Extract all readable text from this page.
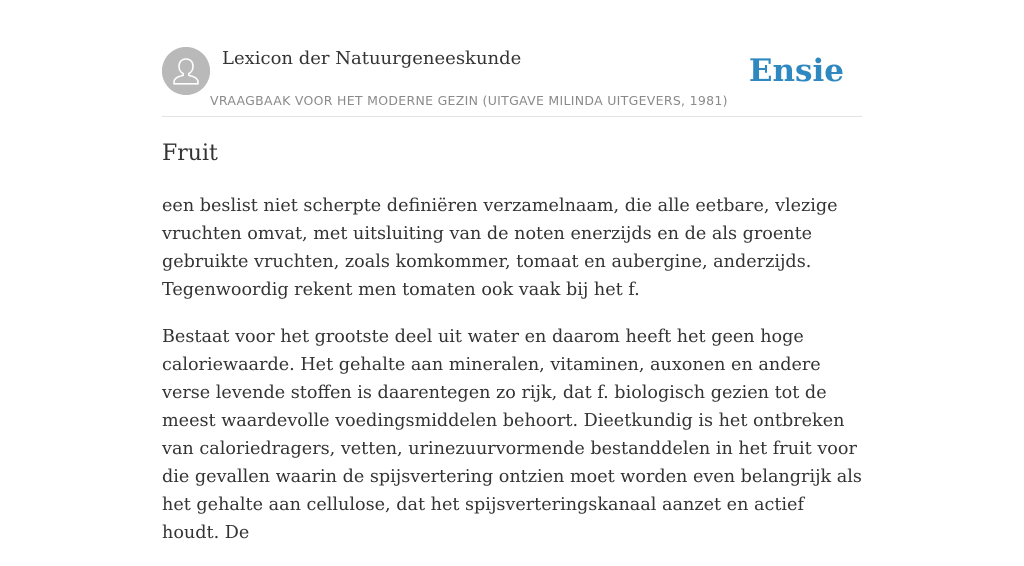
Lexicon der Natuurgeneeskunde
VRAAGBAAK VOOR HET MODERNE GEZIN (UITGAVE MILINDA UITGEVERS, 1981)
Ensie
Fruit

een beslist niet scherpte definiëren verzamelnaam, die alle eetbare, vlezige vruchten omvat, met uitsluiting van de noten enerzijds en de als groente gebruikte vruchten, zoals komkommer, tomaat en aubergine, anderzijds. Tegenwoordig rekent men tomaten ook vaak bij het f.

Bestaat voor het grootste deel uit water en daarom heeft het geen hoge caloriewaarde. Het gehalte aan mineralen, vitaminen, auxonen en andere verse levende stoffen is daarentegen zo rijk, dat f. biologisch gezien tot de meest waardevolle voedingsmiddelen behoort. Dieetkundig is het ontbreken van caloriedragers, vetten, urinezuurvormende bestanddelen in het fruit voor die gevallen waarin de spijsvertering ontzien moet worden even belangrijk als het gehalte aan cellulose, dat het spijsverteringskanaal aanzet en actief houdt. De
